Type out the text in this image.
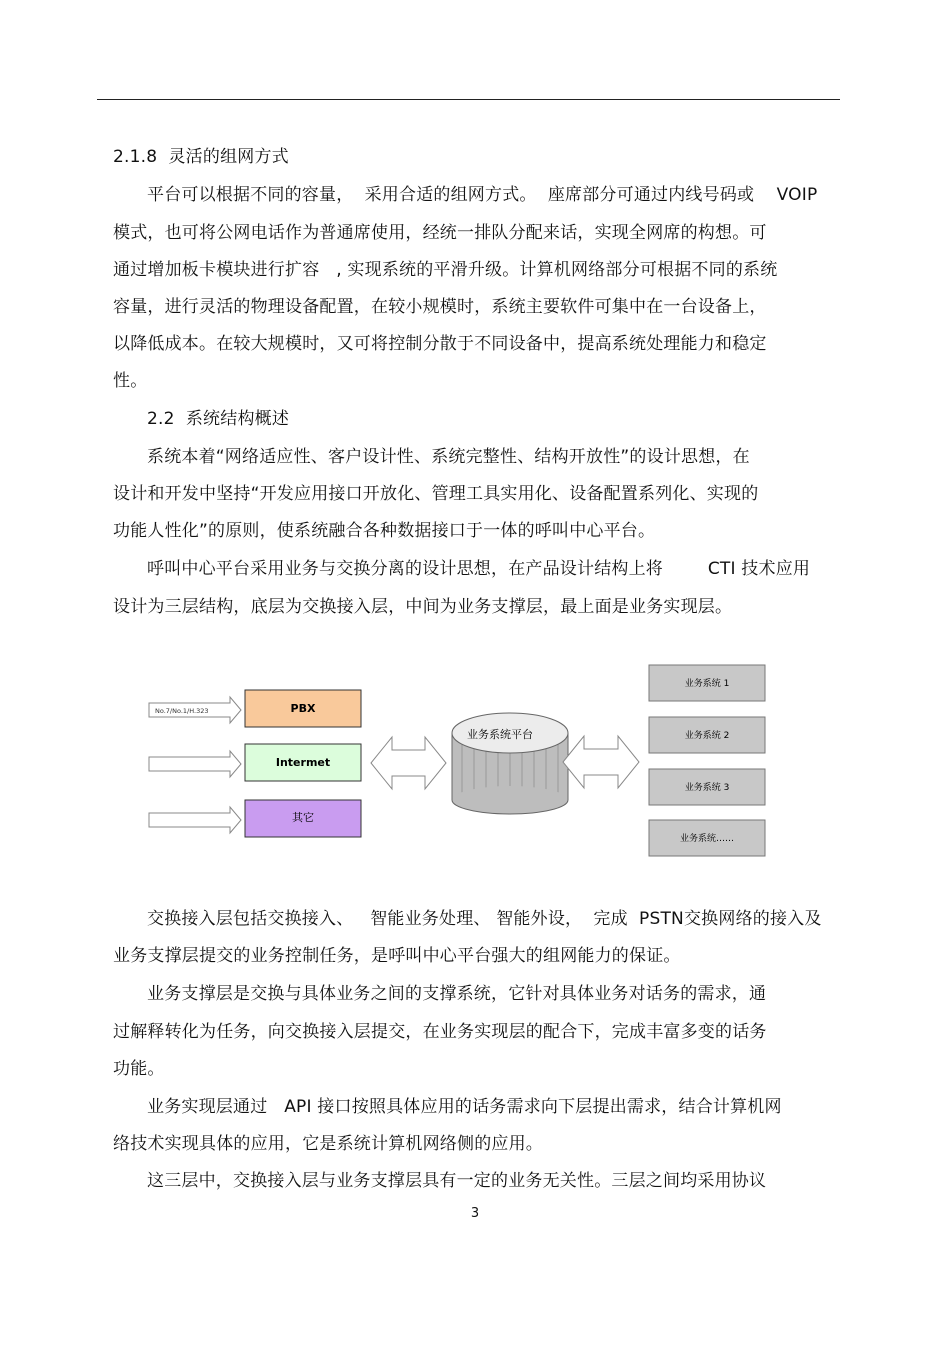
2.1.8  灵活的组网方式
平台可以根据不同的容量，  采用合适的组网方式。  座席部分可通过内线号码或    VOIP
模式，也可将公网电话作为普通席使用，经统一排队分配来话，实现全网席的构想。可
通过增加板卡模块进行扩容   , 实现系统的平滑升级。计算机网络部分可根据不同的系统
容量，进行灵活的物理设备配置，在较小规模时，系统主要软件可集中在一台设备上，
以降低成本。在较大规模时，又可将控制分散于不同设备中，提高系统处理能力和稳定
性。
2.2  系统结构概述
系统本着“网络适应性、客户设计性、系统完整性、结构开放性”的设计思想，在
设计和开发中坚持“开发应用接口开放化、管理工具实用化、设备配置系列化、实现的
功能人性化”的原则，使系统融合各种数据接口于一体的呼叫中心平台。
呼叫中心平台采用业务与交换分离的设计思想，在产品设计结构上将        CTI 技术应用
设计为三层结构，底层为交换接入层，中间为业务支撑层，最上面是业务实现层。
No.7/No.1/H.323	PBX
Intermet
其它
业务系统平台
业务系统 1
业务系统 2
业务系统 3
业务系统……
交换接入层包括交换接入、   智能业务处理、 智能外设，  完成  PSTN交换网络的接入及
业务支撑层提交的业务控制任务，是呼叫中心平台强大的组网能力的保证。
业务支撑层是交换与具体业务之间的支撑系统，它针对具体业务对话务的需求，通
过解释转化为任务，向交换接入层提交，在业务实现层的配合下，完成丰富多变的话务
功能。
业务实现层通过   API 接口按照具体应用的话务需求向下层提出需求，结合计算机网
络技术实现具体的应用，它是系统计算机网络侧的应用。
这三层中，交换接入层与业务支撑层具有一定的业务无关性。三层之间均采用协议
3
